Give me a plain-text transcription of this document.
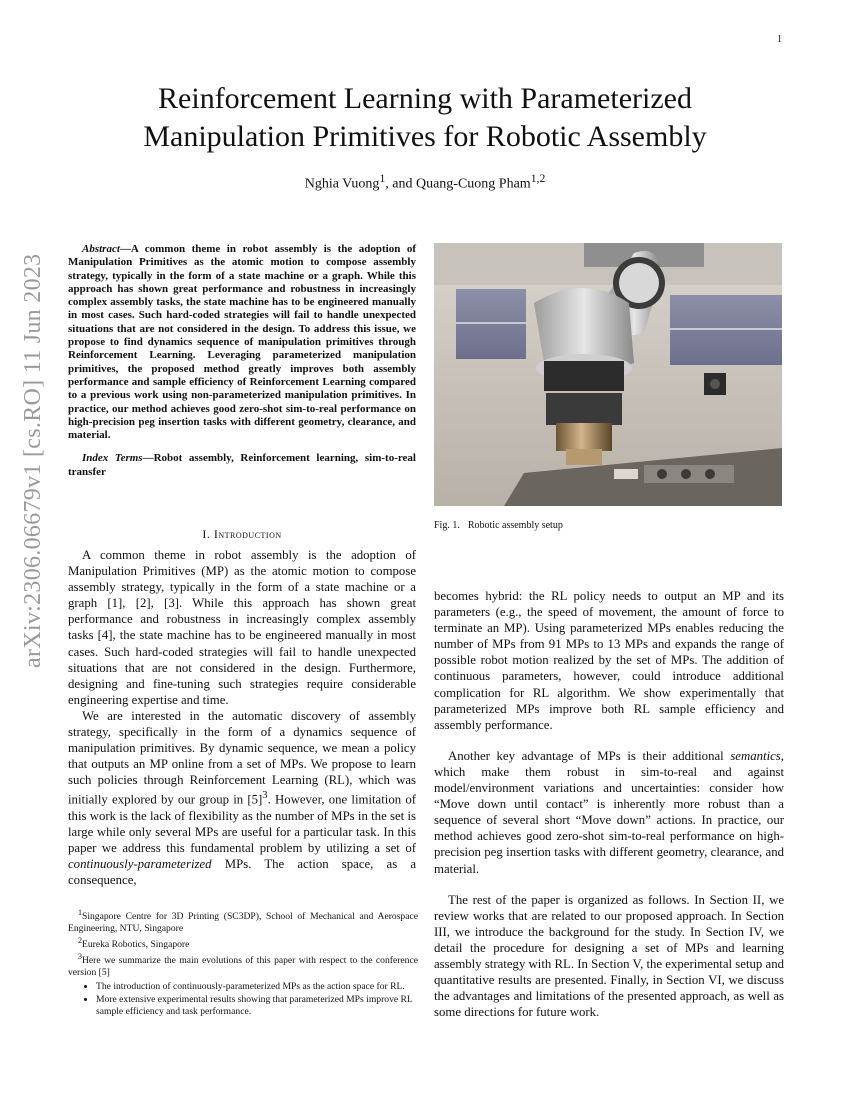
1
arXiv:2306.06679v1 [cs.RO] 11 Jun 2023
Reinforcement Learning with Parameterized
Manipulation Primitives for Robotic Assembly
Nghia Vuong$^1$, and Quang-Cuong Pham$^{1,2}$

Abstract—A common theme in robot assembly is the adoption of Manipulation Primitives as the atomic motion to compose assembly strategy, typically in the form of a state machine or a graph. While this approach has shown great performance and robustness in increasingly complex assembly tasks, the state machine has to be engineered manually in most cases. Such hard-coded strategies will fail to handle unexpected situations that are not considered in the design. To address this issue, we propose to find dynamics sequence of manipulation primitives through Reinforcement Learning. Leveraging parameterized manipulation primitives, the proposed method greatly improves both assembly performance and sample efficiency of Reinforcement Learning compared to a previous work using non-parameterized manipulation primitives. In practice, our method achieves good zero-shot sim-to-real performance on high-precision peg insertion tasks with different geometry, clearance, and material.

Index Terms—Robot assembly, Reinforcement learning, sim-to-real transfer

I. Introduction

A common theme in robot assembly is the adoption of Manipulation Primitives (MP) as the atomic motion to compose assembly strategy, typically in the form of a state machine or a graph [1], [2], [3]. While this approach has shown great performance and robustness in increasingly complex assembly tasks [4], the state machine has to be engineered manually in most cases. Such hard-coded strategies will fail to handle unexpected situations that are not considered in the design. Furthermore, designing and fine-tuning such strategies require considerable engineering expertise and time.

We are interested in the automatic discovery of assembly strategy, specifically in the form of a dynamics sequence of manipulation primitives. By dynamic sequence, we mean a policy that outputs an MP online from a set of MPs. We propose to learn such policies through Reinforcement Learning (RL), which was initially explored by our group in $[5]^3$. However, one limitation of this work is the lack of flexibility as the number of MPs in the set is large while only several MPs are useful for a particular task. In this paper we address this fundamental problem by utilizing a set of continuously-parameterized MPs. The action space, as a consequence,

$^1$Singapore Centre for 3D Printing (SC3DP), School of Mechanical and Aerospace Engineering, NTU, Singapore

$^2$Eureka Robotics, Singapore

$^3$Here we summarize the main evolutions of this paper with respect to the conference version [5]

• The introduction of continuously-parameterized MPs as the action space for RL.
• More extensive experimental results showing that parameterized MPs improve RL sample efficiency and task performance.
Fig. 1. Robotic assembly setup

becomes hybrid: the RL policy needs to output an MP and its parameters (e.g., the speed of movement, the amount of force to terminate an MP). Using parameterized MPs enables reducing the number of MPs from 91 MPs to 13 MPs and expands the range of possible robot motion realized by the set of MPs. The addition of continuous parameters, however, could introduce additional complication for RL algorithm. We show experimentally that parameterized MPs improve both RL sample efficiency and assembly performance.

Another key advantage of MPs is their additional semantics, which make them robust in sim-to-real and against model/environment variations and uncertainties: consider how “Move down until contact” is inherently more robust than a sequence of several short “Move down” actions. In practice, our method achieves good zero-shot sim-to-real performance on high-precision peg insertion tasks with different geometry, clearance, and material.

The rest of the paper is organized as follows. In Section II, we review works that are related to our proposed approach. In Section III, we introduce the background for the study. In Section IV, we detail the procedure for designing a set of MPs and learning assembly strategy with RL. In Section V, the experimental setup and quantitative results are presented. Finally, in Section VI, we discuss the advantages and limitations of the presented approach, as well as some directions for future work.
